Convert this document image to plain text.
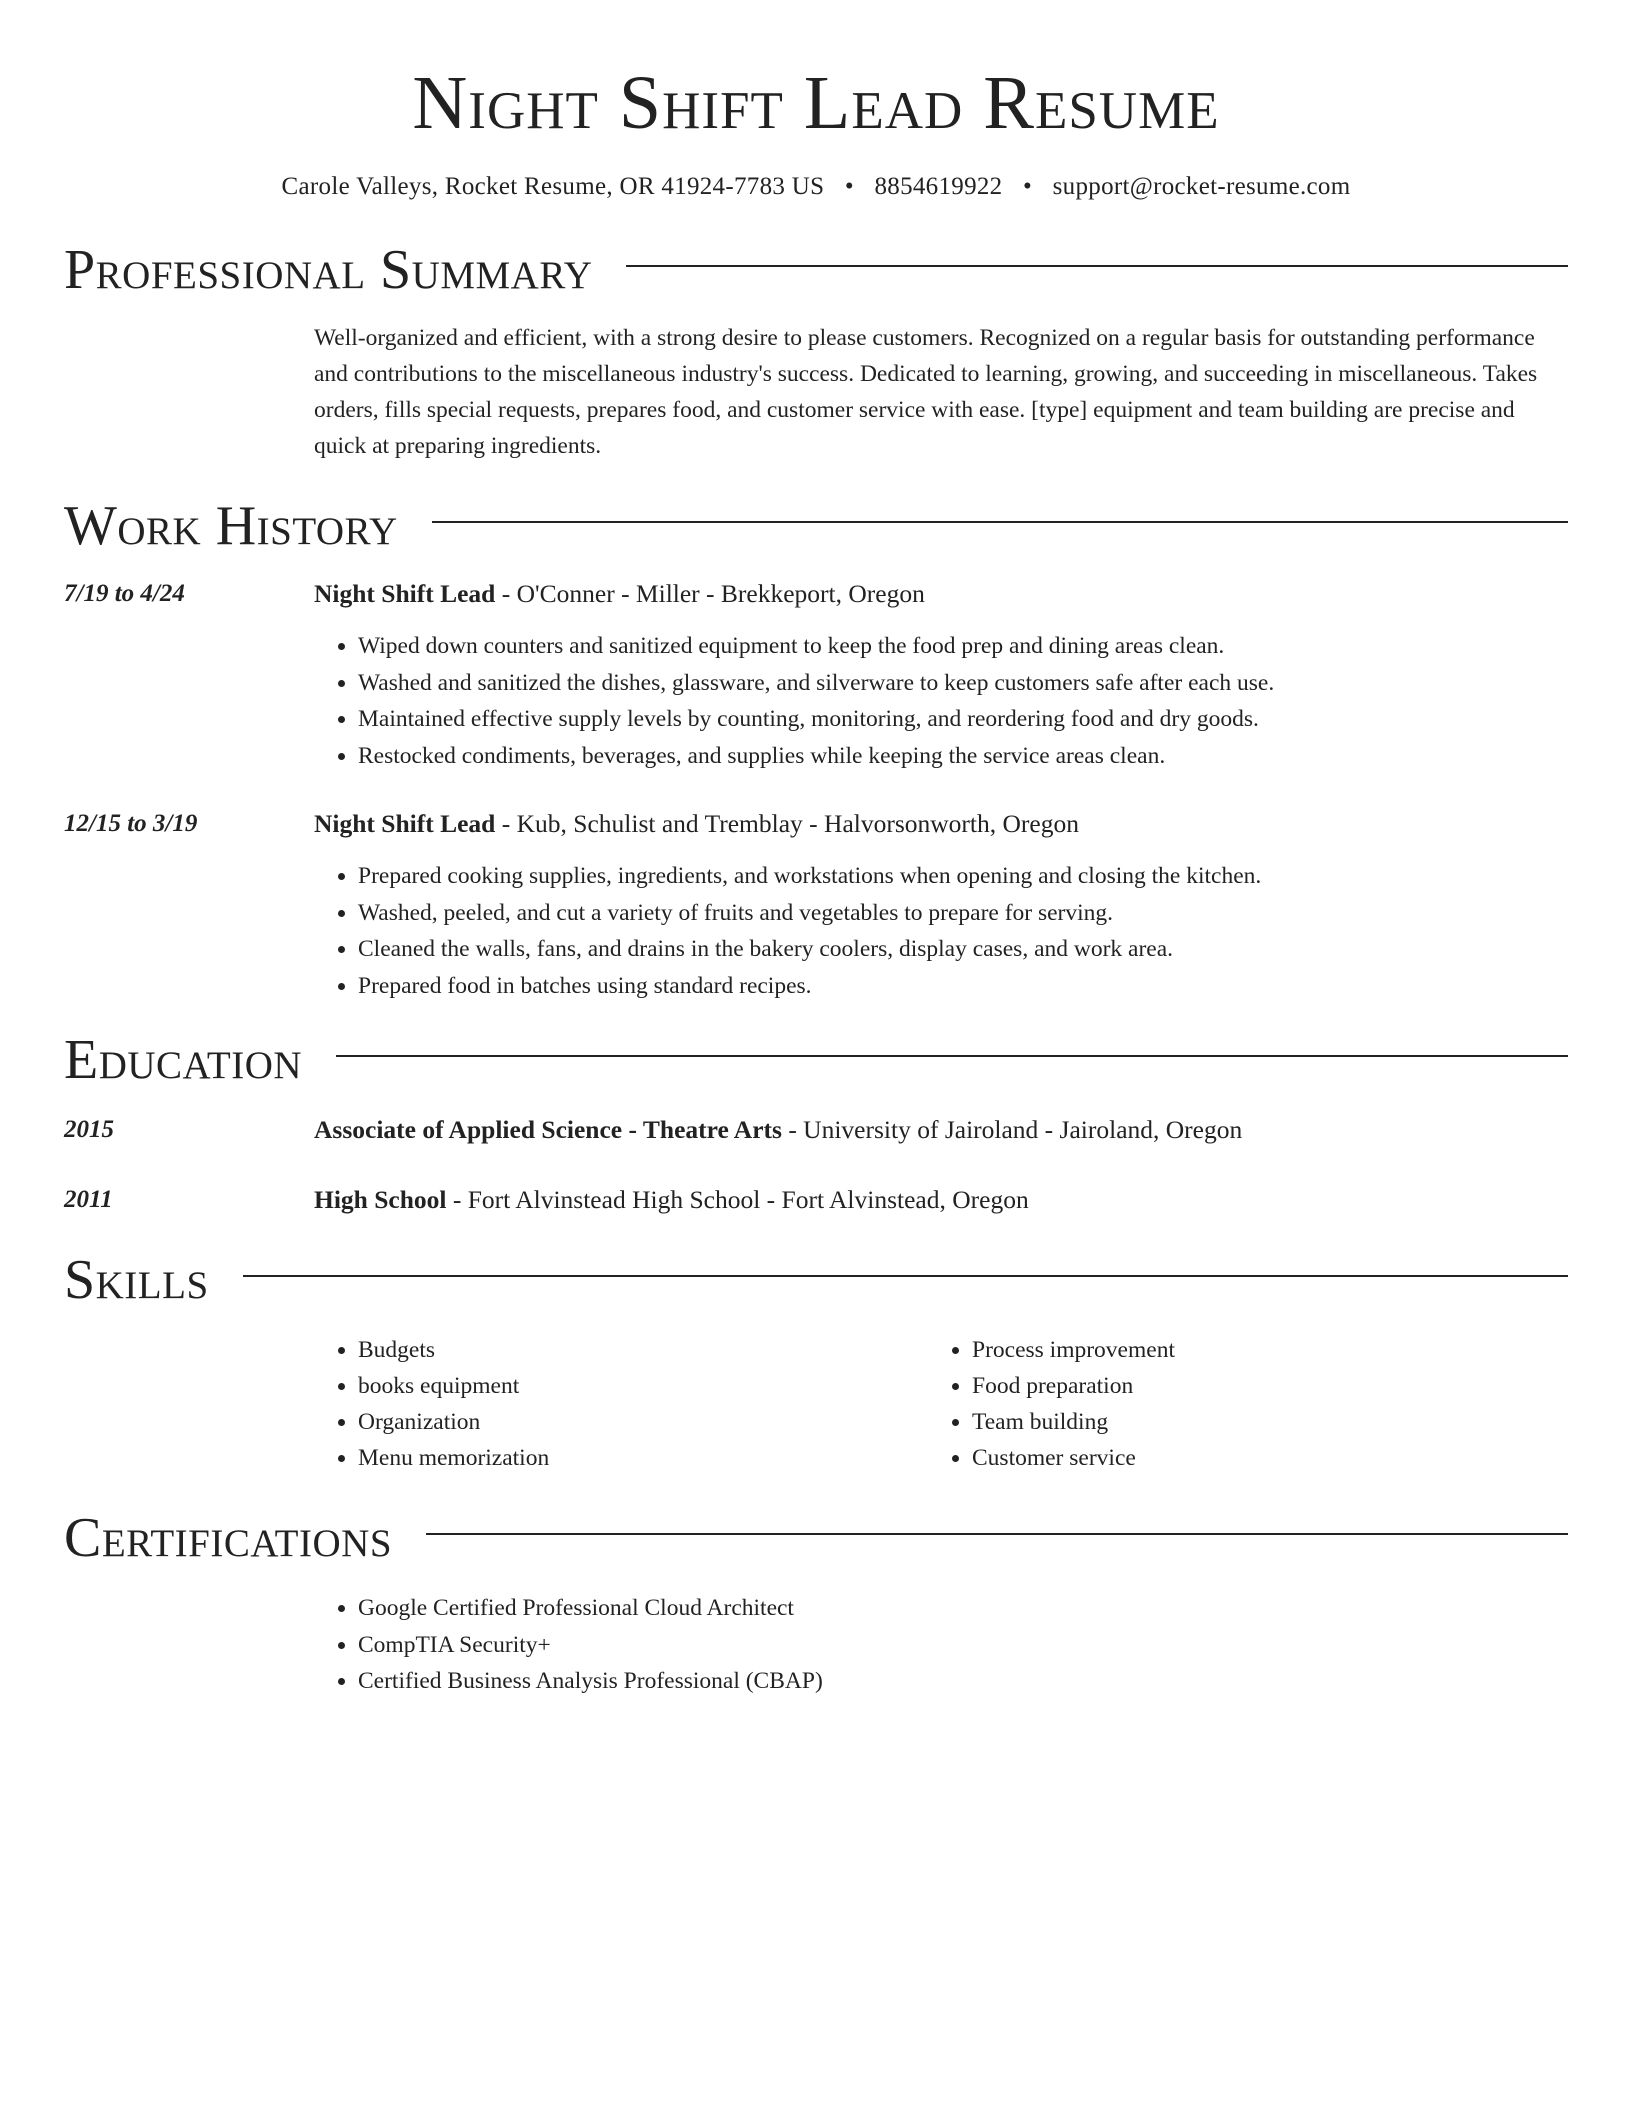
Night Shift Lead Resume
Carole Valleys, Rocket Resume, OR 41924-7783 US • 8854619922 • support@rocket-resume.com
Professional Summary
Well-organized and efficient, with a strong desire to please customers. Recognized on a regular basis for outstanding performance and contributions to the miscellaneous industry's success. Dedicated to learning, growing, and succeeding in miscellaneous. Takes orders, fills special requests, prepares food, and customer service with ease. [type] equipment and team building are precise and quick at preparing ingredients.
Work History
7/19 to 4/24	Night Shift Lead - O'Conner - Miller - Brekkeport, Oregon
• Wiped down counters and sanitized equipment to keep the food prep and dining areas clean.
• Washed and sanitized the dishes, glassware, and silverware to keep customers safe after each use.
• Maintained effective supply levels by counting, monitoring, and reordering food and dry goods.
• Restocked condiments, beverages, and supplies while keeping the service areas clean.
12/15 to 3/19	Night Shift Lead - Kub, Schulist and Tremblay - Halvorsonworth, Oregon
• Prepared cooking supplies, ingredients, and workstations when opening and closing the kitchen.
• Washed, peeled, and cut a variety of fruits and vegetables to prepare for serving.
• Cleaned the walls, fans, and drains in the bakery coolers, display cases, and work area.
• Prepared food in batches using standard recipes.
Education
2015	Associate of Applied Science - Theatre Arts - University of Jairoland - Jairoland, Oregon
2011	High School - Fort Alvinstead High School - Fort Alvinstead, Oregon
Skills
• Budgets
• books equipment
• Organization
• Menu memorization
• Process improvement
• Food preparation
• Team building
• Customer service
Certifications
• Google Certified Professional Cloud Architect
• CompTIA Security+
• Certified Business Analysis Professional (CBAP)
